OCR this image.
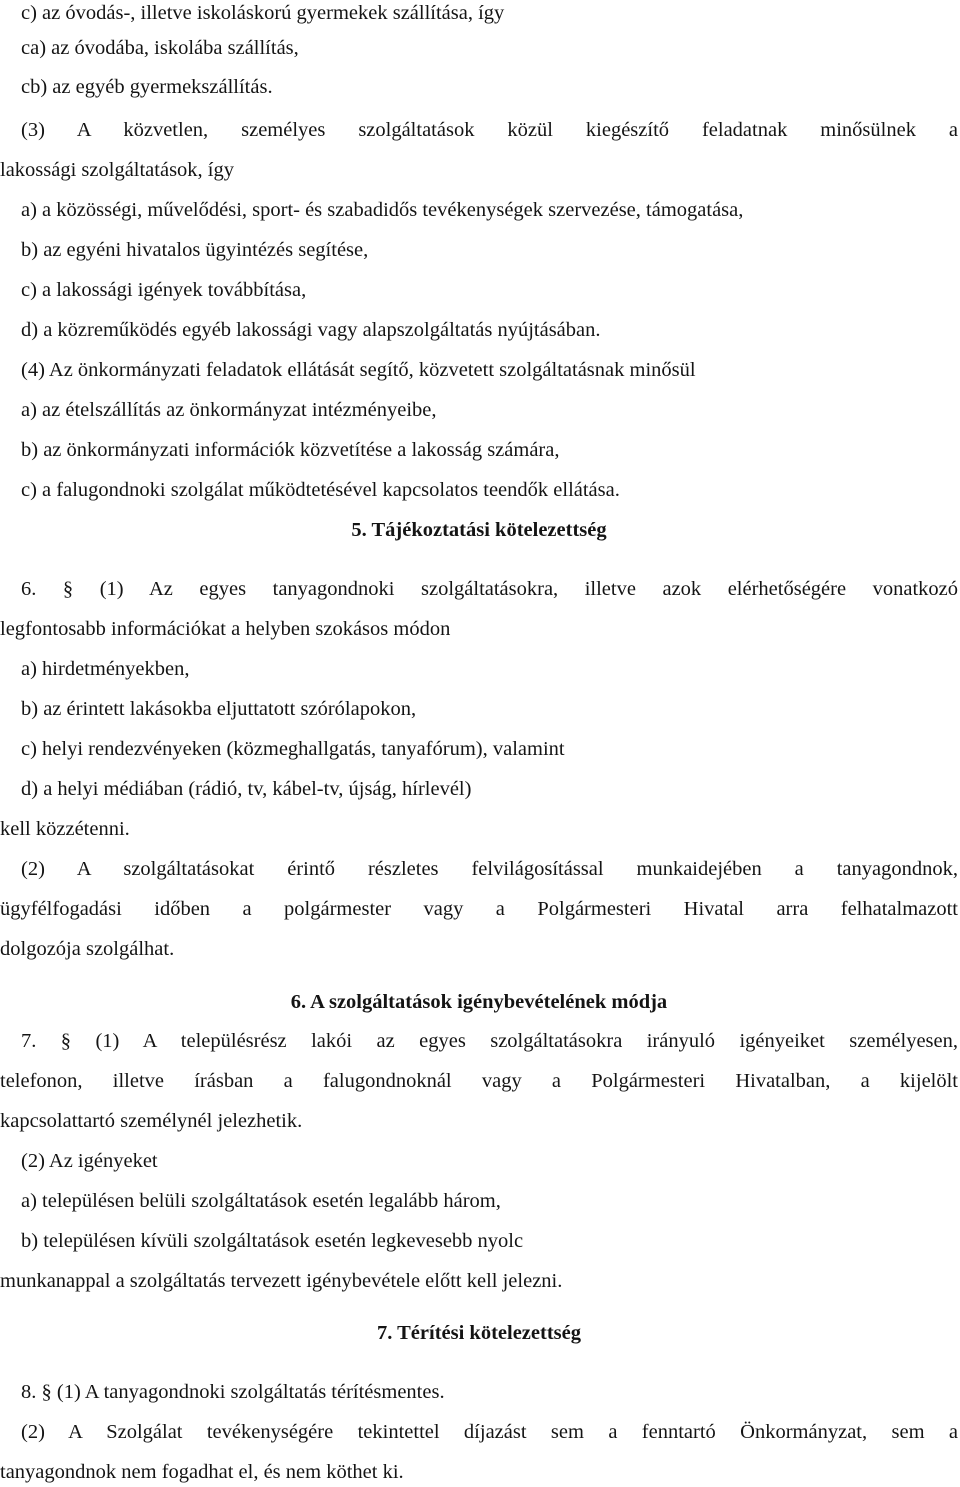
c) az óvodás-, illetve iskoláskorú gyermekek szállítása, így
ca) az óvodába, iskolába szállítás,
cb) az egyéb gyermekszállítás.
(3) A közvetlen, személyes szolgáltatások közül kiegészítő feladatnak minősülnek a
lakossági szolgáltatások, így
a) a közösségi, művelődési, sport- és szabadidős tevékenységek szervezése, támogatása,
b) az egyéni hivatalos ügyintézés segítése,
c) a lakossági igények továbbítása,
d) a közreműködés egyéb lakossági vagy alapszolgáltatás nyújtásában.
(4) Az önkormányzati feladatok ellátását segítő, közvetett szolgáltatásnak minősül
a) az ételszállítás az önkormányzat intézményeibe,
b) az önkormányzati információk közvetítése a lakosság számára,
c) a falugondnoki szolgálat működtetésével kapcsolatos teendők ellátása.
5. Tájékoztatási kötelezettség
6. § (1) Az egyes tanyagondnoki szolgáltatásokra, illetve azok elérhetőségére vonatkozó
legfontosabb információkat a helyben szokásos módon
a) hirdetményekben,
b) az érintett lakásokba eljuttatott szórólapokon,
c) helyi rendezvényeken (közmeghallgatás, tanyafórum), valamint
d) a helyi médiában (rádió, tv, kábel-tv, újság, hírlevél)
kell közzétenni.
(2) A szolgáltatásokat érintő részletes felvilágosítással munkaidejében a tanyagondnok,
ügyfélfogadási időben a polgármester vagy a Polgármesteri Hivatal arra felhatalmazott
dolgozója szolgálhat.
6. A szolgáltatások igénybevételének módja
7. § (1) A településrész lakói az egyes szolgáltatásokra irányuló igényeiket személyesen,
telefonon, illetve írásban a falugondnoknál vagy a Polgármesteri Hivatalban, a kijelölt
kapcsolattartó személynél jelezhetik.
(2) Az igényeket
a) településen belüli szolgáltatások esetén legalább három,
b) településen kívüli szolgáltatások esetén legkevesebb nyolc
munkanappal a szolgáltatás tervezett igénybevétele előtt kell jelezni.
7. Térítési kötelezettség
8. § (1) A tanyagondnoki szolgáltatás térítésmentes.
(2) A Szolgálat tevékenységére tekintettel díjazást sem a fenntartó Önkormányzat, sem a
tanyagondnok nem fogadhat el, és nem köthet ki.
